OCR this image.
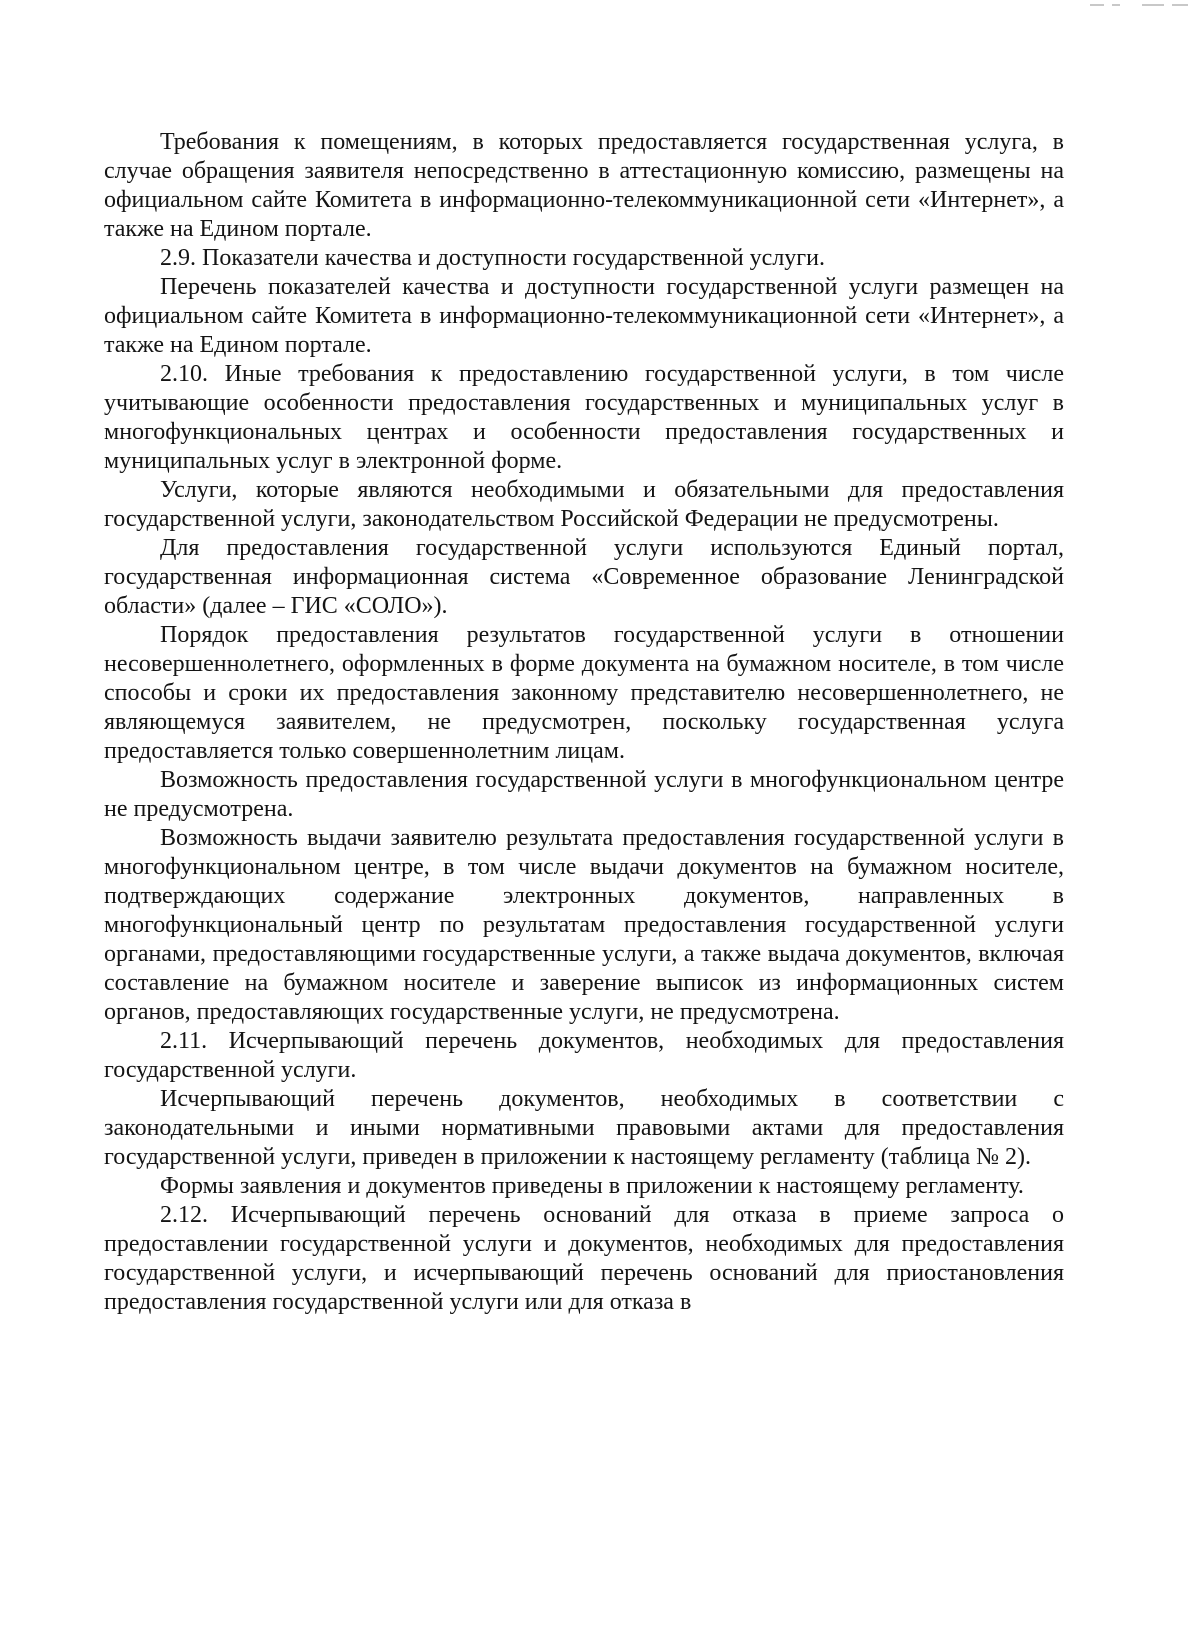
Требования к помещениям, в которых предоставляется государственная услуга, в случае обращения заявителя непосредственно в аттестационную комиссию, размещены на официальном сайте Комитета в информационно-телекоммуникационной сети «Интернет», а также на Едином портале.

2.9. Показатели качества и доступности государственной услуги.

Перечень показателей качества и доступности государственной услуги размещен на официальном сайте Комитета в информационно-телекоммуникационной сети «Интернет», а также на Едином портале.

2.10. Иные требования к предоставлению государственной услуги, в том числе учитывающие особенности предоставления государственных и муниципальных услуг в многофункциональных центрах и особенности предоставления государственных и муниципальных услуг в электронной форме.

Услуги, которые являются необходимыми и обязательными для предоставления государственной услуги, законодательством Российской Федерации не предусмотрены.

Для предоставления государственной услуги используются Единый портал, государственная информационная система «Современное образование Ленинградской области» (далее – ГИС «СОЛО»).

Порядок предоставления результатов государственной услуги в отношении несовершеннолетнего, оформленных в форме документа на бумажном носителе, в том числе способы и сроки их предоставления законному представителю несовершеннолетнего, не являющемуся заявителем, не предусмотрен, поскольку государственная услуга предоставляется только совершеннолетним лицам.

Возможность предоставления государственной услуги в многофункциональном центре не предусмотрена.

Возможность выдачи заявителю результата предоставления государственной услуги в многофункциональном центре, в том числе выдачи документов на бумажном носителе, подтверждающих содержание электронных документов, направленных в многофункциональный центр по результатам предоставления государственной услуги органами, предоставляющими государственные услуги, а также выдача документов, включая составление на бумажном носителе и заверение выписок из информационных систем органов, предоставляющих государственные услуги, не предусмотрена.

2.11. Исчерпывающий перечень документов, необходимых для предоставления государственной услуги.

Исчерпывающий перечень документов, необходимых в соответствии с законодательными и иными нормативными правовыми актами для предоставления государственной услуги, приведен в приложении к настоящему регламенту (таблица № 2).

Формы заявления и документов приведены в приложении к настоящему регламенту.

2.12. Исчерпывающий перечень оснований для отказа в приеме запроса о предоставлении государственной услуги и документов, необходимых для предоставления государственной услуги, и исчерпывающий перечень оснований для приостановления предоставления государственной услуги или для отказа в
